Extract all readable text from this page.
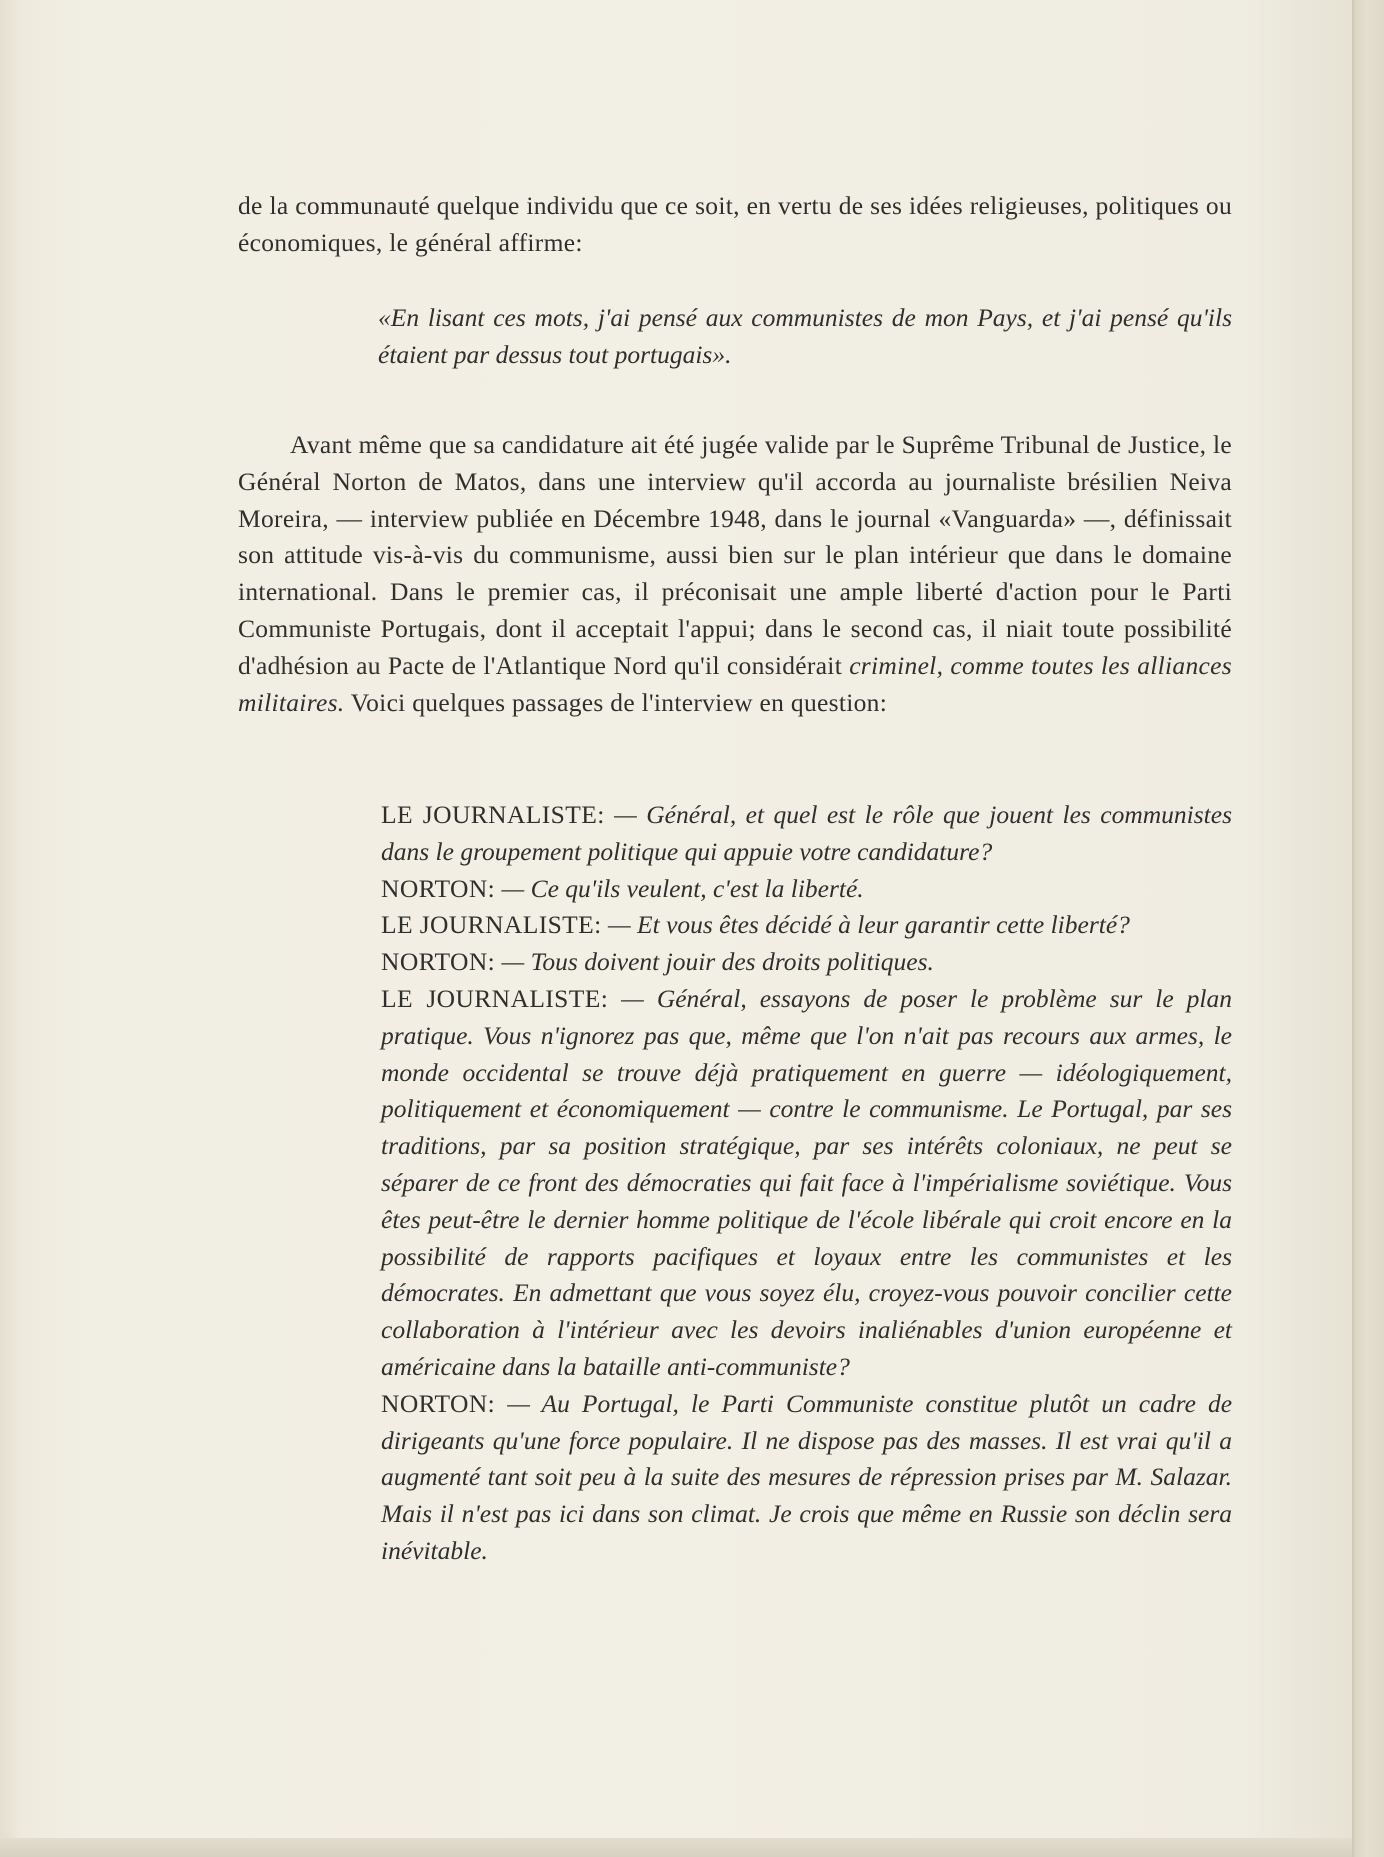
de la communauté quelque individu que ce soit, en vertu de ses idées religieuses, politiques ou économiques, le général affirme:

«En lisant ces mots, j'ai pensé aux communistes de mon Pays, et j'ai pensé qu'ils étaient par dessus tout portugais».

Avant même que sa candidature ait été jugée valide par le Suprême Tribunal de Justice, le Général Norton de Matos, dans une interview qu'il accorda au journaliste brésilien Neiva Moreira, — interview publiée en Décembre 1948, dans le journal «Vanguarda» —, définissait son attitude vis-à-vis du communisme, aussi bien sur le plan intérieur que dans le domaine international. Dans le premier cas, il préconisait une ample liberté d'action pour le Parti Communiste Portugais, dont il acceptait l'appui; dans le second cas, il niait toute possibilité d'adhésion au Pacte de l'Atlantique Nord qu'il considérait criminel, comme toutes les alliances militaires. Voici quelques passages de l'interview en question:

LE JOURNALISTE: — Général, et quel est le rôle que jouent les communistes dans le groupement politique qui appuie votre candidature?

NORTON: — Ce qu'ils veulent, c'est la liberté.

LE JOURNALISTE: — Et vous êtes décidé à leur garantir cette liberté?

NORTON: — Tous doivent jouir des droits politiques.

LE JOURNALISTE: — Général, essayons de poser le problème sur le plan pratique. Vous n'ignorez pas que, même que l'on n'ait pas recours aux armes, le monde occidental se trouve déjà pratiquement en guerre — idéologiquement, politiquement et économiquement — contre le communisme. Le Portugal, par ses traditions, par sa position stratégique, par ses intérêts coloniaux, ne peut se séparer de ce front des démocraties qui fait face à l'impérialisme soviétique. Vous êtes peut-être le dernier homme politique de l'école libérale qui croit encore en la possibilité de rapports pacifiques et loyaux entre les communistes et les démocrates. En admettant que vous soyez élu, croyez-vous pouvoir concilier cette collaboration à l'intérieur avec les devoirs inaliénables d'union européenne et américaine dans la bataille anti-communiste?

NORTON: — Au Portugal, le Parti Communiste constitue plutôt un cadre de dirigeants qu'une force populaire. Il ne dispose pas des masses. Il est vrai qu'il a augmenté tant soit peu à la suite des mesures de répression prises par M. Salazar. Mais il n'est pas ici dans son climat. Je crois que même en Russie son déclin sera inévitable.
